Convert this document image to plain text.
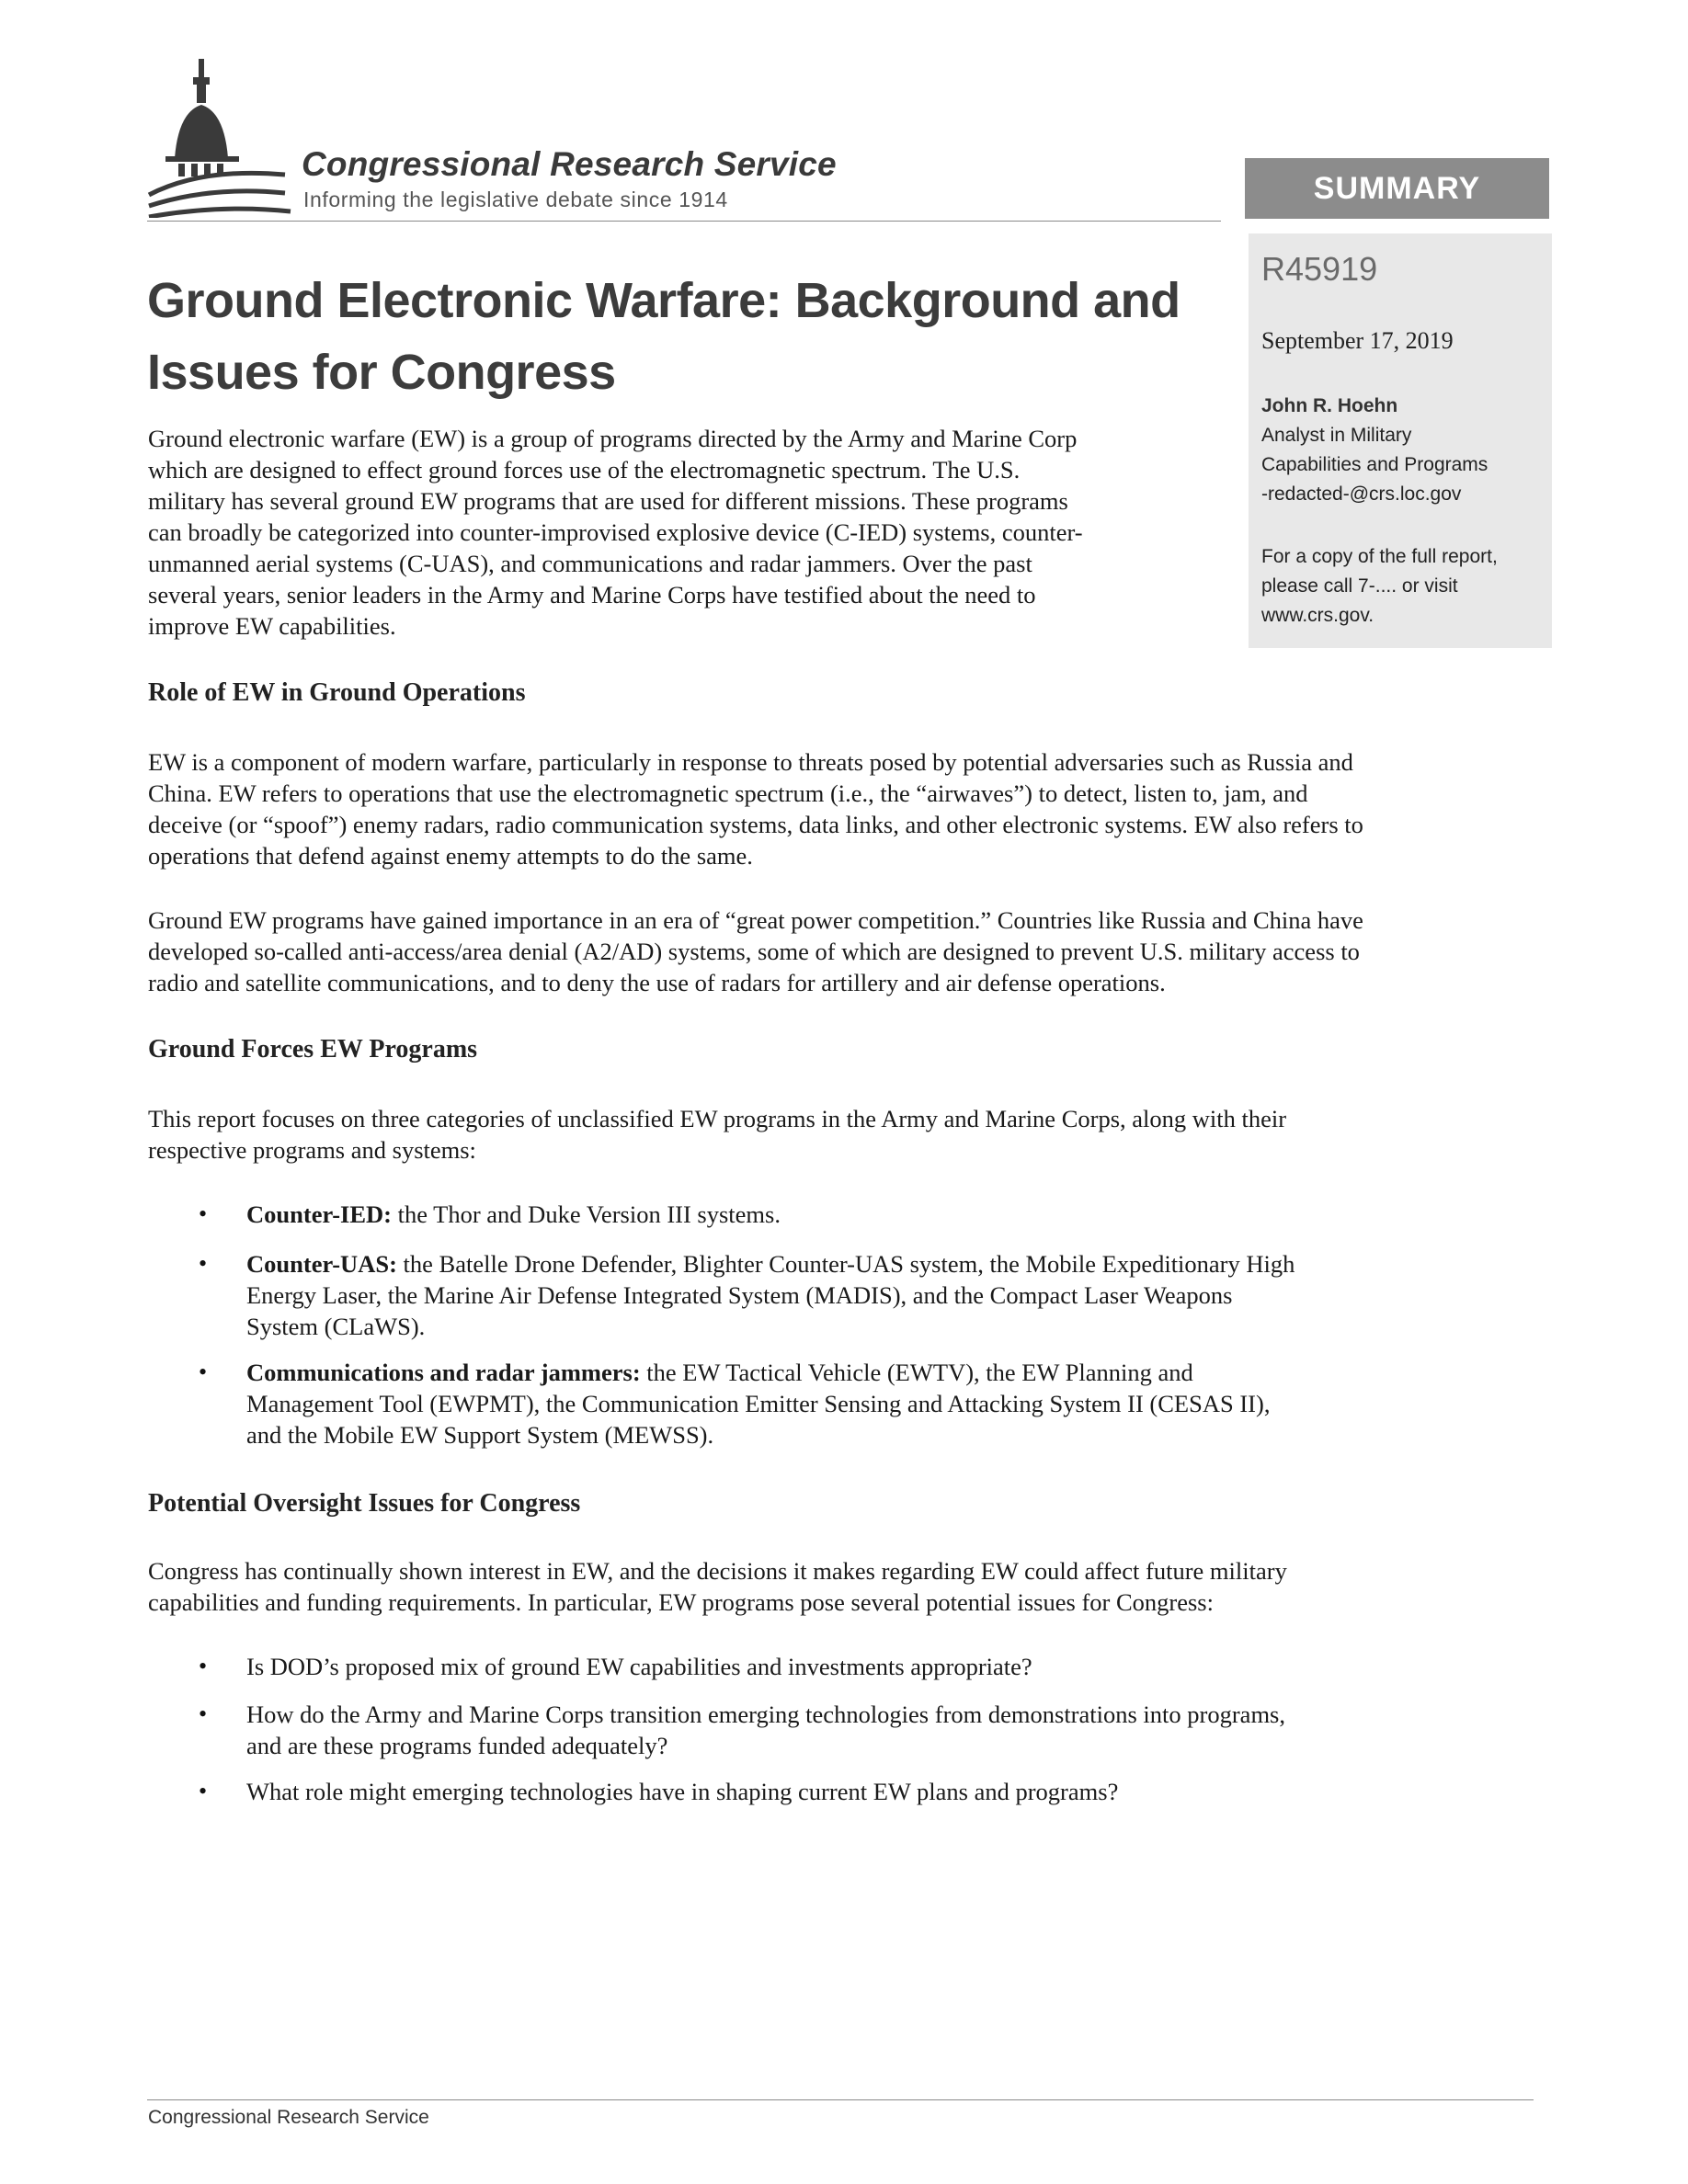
Congressional Research Service
Informing the legislative debate since 1914	SUMMARY
R45919
September 17, 2019
John R. Hoehn
Analyst in Military
Capabilities and Programs
-redacted-@crs.loc.gov
For a copy of the full report,
please call 7-.... or visit
www.crs.gov.
Ground Electronic Warfare: Background and
Issues for Congress
Ground electronic warfare (EW) is a group of programs directed by the Army and Marine Corp
which are designed to effect ground forces use of the electromagnetic spectrum. The U.S.
military has several ground EW programs that are used for different missions. These programs
can broadly be categorized into counter-improvised explosive device (C-IED) systems, counter-
unmanned aerial systems (C-UAS), and communications and radar jammers. Over the past
several years, senior leaders in the Army and Marine Corps have testified about the need to
improve EW capabilities.
Role of EW in Ground Operations
EW is a component of modern warfare, particularly in response to threats posed by potential adversaries such as Russia and
China. EW refers to operations that use the electromagnetic spectrum (i.e., the “airwaves”) to detect, listen to, jam, and
deceive (or “spoof”) enemy radars, radio communication systems, data links, and other electronic systems. EW also refers to
operations that defend against enemy attempts to do the same.
Ground EW programs have gained importance in an era of “great power competition.” Countries like Russia and China have
developed so-called anti-access/area denial (A2/AD) systems, some of which are designed to prevent U.S. military access to
radio and satellite communications, and to deny the use of radars for artillery and air defense operations.
Ground Forces EW Programs
This report focuses on three categories of unclassified EW programs in the Army and Marine Corps, along with their
respective programs and systems:
• Counter-IED: the Thor and Duke Version III systems.
• Counter-UAS: the Batelle Drone Defender, Blighter Counter-UAS system, the Mobile Expeditionary High
Energy Laser, the Marine Air Defense Integrated System (MADIS), and the Compact Laser Weapons
System (CLaWS).
• Communications and radar jammers: the EW Tactical Vehicle (EWTV), the EW Planning and
Management Tool (EWPMT), the Communication Emitter Sensing and Attacking System II (CESAS II),
and the Mobile EW Support System (MEWSS).
Potential Oversight Issues for Congress
Congress has continually shown interest in EW, and the decisions it makes regarding EW could affect future military
capabilities and funding requirements. In particular, EW programs pose several potential issues for Congress:
• Is DOD’s proposed mix of ground EW capabilities and investments appropriate?
• How do the Army and Marine Corps transition emerging technologies from demonstrations into programs,
and are these programs funded adequately?
• What role might emerging technologies have in shaping current EW plans and programs?
Congressional Research Service
